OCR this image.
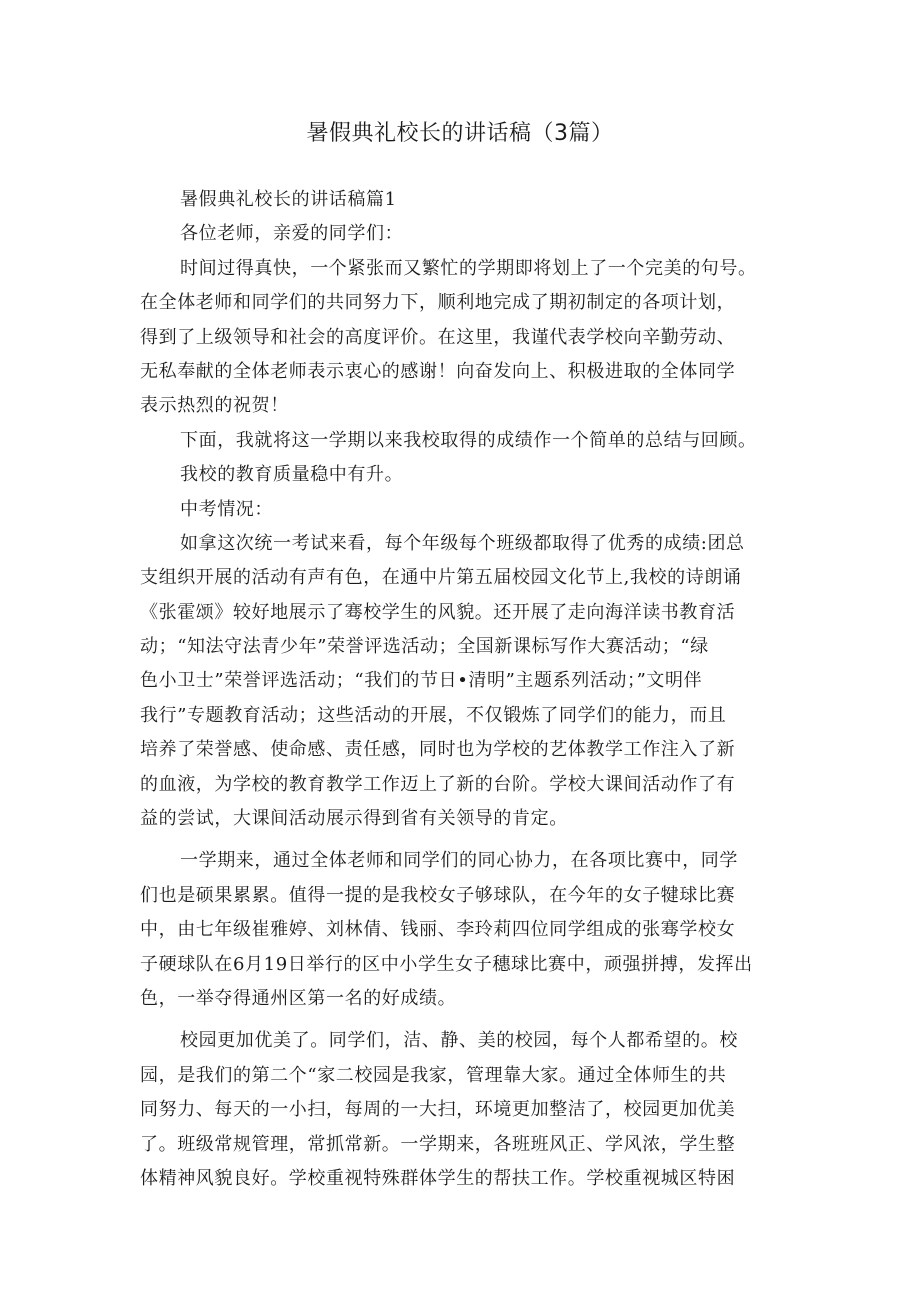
暑假典礼校长的讲话稿（3篇）
暑假典礼校长的讲话稿篇1
各位老师，亲爱的同学们：
时间过得真快，一个紧张而又繁忙的学期即将划上了一个完美的句号。
在全体老师和同学们的共同努力下，顺利地完成了期初制定的各项计划，
得到了上级领导和社会的高度评价。在这里，我谨代表学校向辛勤劳动、
无私奉献的全体老师表示衷心的感谢！向奋发向上、积极进取的全体同学
表示热烈的祝贺！
下面，我就将这一学期以来我校取得的成绩作一个简单的总结与回顾。
我校的教育质量稳中有升。
中考情况：
如拿这次统一考试来看，每个年级每个班级都取得了优秀的成绩:团总
支组织开展的活动有声有色，在通中片第五届校园文化节上,我校的诗朗诵
《张霍颂》较好地展示了骞校学生的风貌。还开展了走向海洋读书教育活
动；“知法守法青少年”荣誉评选活动；全国新课标写作大赛活动；“绿
色小卫士”荣誉评选活动；“我们的节日•清明”主题系列活动；”文明伴
我行”专题教育活动；这些活动的开展，不仅锻炼了同学们的能力，而且
培养了荣誉感、使命感、责任感，同时也为学校的艺体教学工作注入了新
的血液，为学校的教育教学工作迈上了新的台阶。学校大课间活动作了有
益的尝试，大课间活动展示得到省有关领导的肯定。
一学期来，通过全体老师和同学们的同心协力，在各项比赛中，同学
们也是硕果累累。值得一提的是我校女子够球队，在今年的女子犍球比赛
中，由七年级崔雅婷、刘林倩、钱丽、李玲莉四位同学组成的张骞学校女
子硬球队在6月19日举行的区中小学生女子穗球比赛中，顽强拼搏，发挥出
色，一举夺得通州区第一名的好成绩。
校园更加优美了。同学们，洁、静、美的校园，每个人都希望的。校
园，是我们的第二个“家二校园是我家，管理靠大家。通过全体师生的共
同努力、每天的一小扫，每周的一大扫，环境更加整洁了，校园更加优美
了。班级常规管理，常抓常新。一学期来，各班班风正、学风浓，学生整
体精神风貌良好。学校重视特殊群体学生的帮扶工作。学校重视城区特困
